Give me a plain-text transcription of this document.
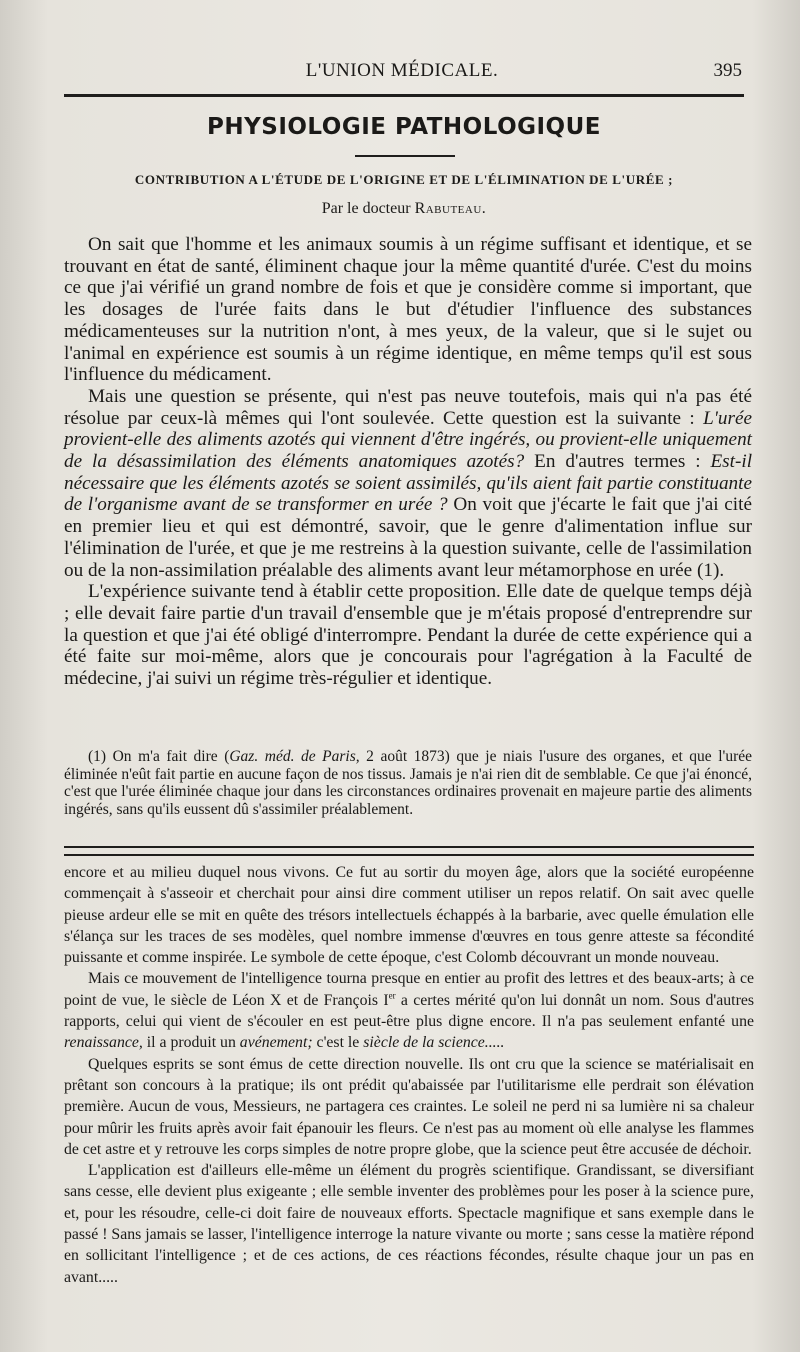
L'UNION MÉDICALE.	395
PHYSIOLOGIE PATHOLOGIQUE
CONTRIBUTION A L'ÉTUDE DE L'ORIGINE ET DE L'ÉLIMINATION DE L'URÉE ;
Par le docteur Rabuteau.

On sait que l'homme et les animaux soumis à un régime suffisant et identique, et se trouvant en état de santé, éliminent chaque jour la même quantité d'urée. C'est du moins ce que j'ai vérifié un grand nombre de fois et que je considère comme si important, que les dosages de l'urée faits dans le but d'étudier l'influence des substances médicamenteuses sur la nutrition n'ont, à mes yeux, de la valeur, que si le sujet ou l'animal en expérience est soumis à un régime identique, en même temps qu'il est sous l'influence du médicament.

Mais une question se présente, qui n'est pas neuve toutefois, mais qui n'a pas été résolue par ceux-là mêmes qui l'ont soulevée. Cette question est la suivante : L'urée provient-elle des aliments azotés qui viennent d'être ingérés, ou provient-elle uniquement de la désassimilation des éléments anatomiques azotés? En d'autres termes : Est-il nécessaire que les éléments azotés se soient assimilés, qu'ils aient fait partie constituante de l'organisme avant de se transformer en urée ? On voit que j'écarte le fait que j'ai cité en premier lieu et qui est démontré, savoir, que le genre d'alimentation influe sur l'élimination de l'urée, et que je me restreins à la question suivante, celle de l'assimilation ou de la non-assimilation préalable des aliments avant leur métamorphose en urée (1).

L'expérience suivante tend à établir cette proposition. Elle date de quelque temps déjà ; elle devait faire partie d'un travail d'ensemble que je m'étais proposé d'entreprendre sur la question et que j'ai été obligé d'interrompre. Pendant la durée de cette expérience qui a été faite sur moi-même, alors que je concourais pour l'agrégation à la Faculté de médecine, j'ai suivi un régime très-régulier et identique.

(1) On m'a fait dire (Gaz. méd. de Paris, 2 août 1873) que je niais l'usure des organes, et que l'urée éliminée n'eût fait partie en aucune façon de nos tissus. Jamais je n'ai rien dit de semblable. Ce que j'ai énoncé, c'est que l'urée éliminée chaque jour dans les circonstances ordinaires provenait en majeure partie des aliments ingérés, sans qu'ils eussent dû s'assimiler préalablement.

encore et au milieu duquel nous vivons. Ce fut au sortir du moyen âge, alors que la société européenne commençait à s'asseoir et cherchait pour ainsi dire comment utiliser un repos relatif. On sait avec quelle pieuse ardeur elle se mit en quête des trésors intellectuels échappés à la barbarie, avec quelle émulation elle s'élança sur les traces de ses modèles, quel nombre immense d'œuvres en tous genre atteste sa fécondité puissante et comme inspirée. Le symbole de cette époque, c'est Colomb découvrant un monde nouveau.

Mais ce mouvement de l'intelligence tourna presque en entier au profit des lettres et des beaux-arts; à ce point de vue, le siècle de Léon X et de François Ier a certes mérité qu'on lui donnât un nom. Sous d'autres rapports, celui qui vient de s'écouler en est peut-être plus digne encore. Il n'a pas seulement enfanté une renaissance, il a produit un avénement; c'est le siècle de la science.....

Quelques esprits se sont émus de cette direction nouvelle. Ils ont cru que la science se matérialisait en prêtant son concours à la pratique; ils ont prédit qu'abaissée par l'utilitarisme elle perdrait son élévation première. Aucun de vous, Messieurs, ne partagera ces craintes. Le soleil ne perd ni sa lumière ni sa chaleur pour mûrir les fruits après avoir fait épanouir les fleurs. Ce n'est pas au moment où elle analyse les flammes de cet astre et y retrouve les corps simples de notre propre globe, que la science peut être accusée de déchoir.

L'application est d'ailleurs elle-même un élément du progrès scientifique. Grandissant, se diversifiant sans cesse, elle devient plus exigeante ; elle semble inventer des problèmes pour les poser à la science pure, et, pour les résoudre, celle-ci doit faire de nouveaux efforts. Spectacle magnifique et sans exemple dans le passé ! Sans jamais se lasser, l'intelligence interroge la nature vivante ou morte ; sans cesse la matière répond en sollicitant l'intelligence ; et de ces actions, de ces réactions fécondes, résulte chaque jour un pas en avant.....
